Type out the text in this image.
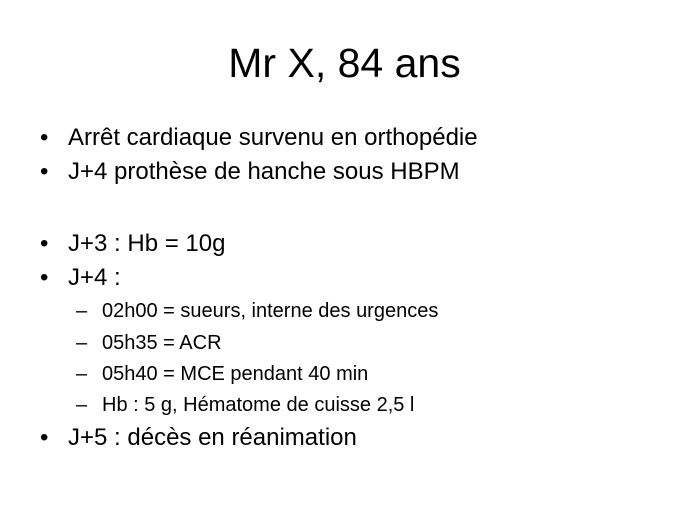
Mr X, 84 ans
• Arrêt cardiaque survenu en orthopédie
• J+4 prothèse de hanche sous HBPM
• J+3 : Hb = 10g
• J+4 :
– 02h00 = sueurs, interne des urgences
– 05h35 = ACR
– 05h40 = MCE pendant 40 min
– Hb : 5 g, Hématome de cuisse 2,5 l
• J+5 : décès en réanimation
